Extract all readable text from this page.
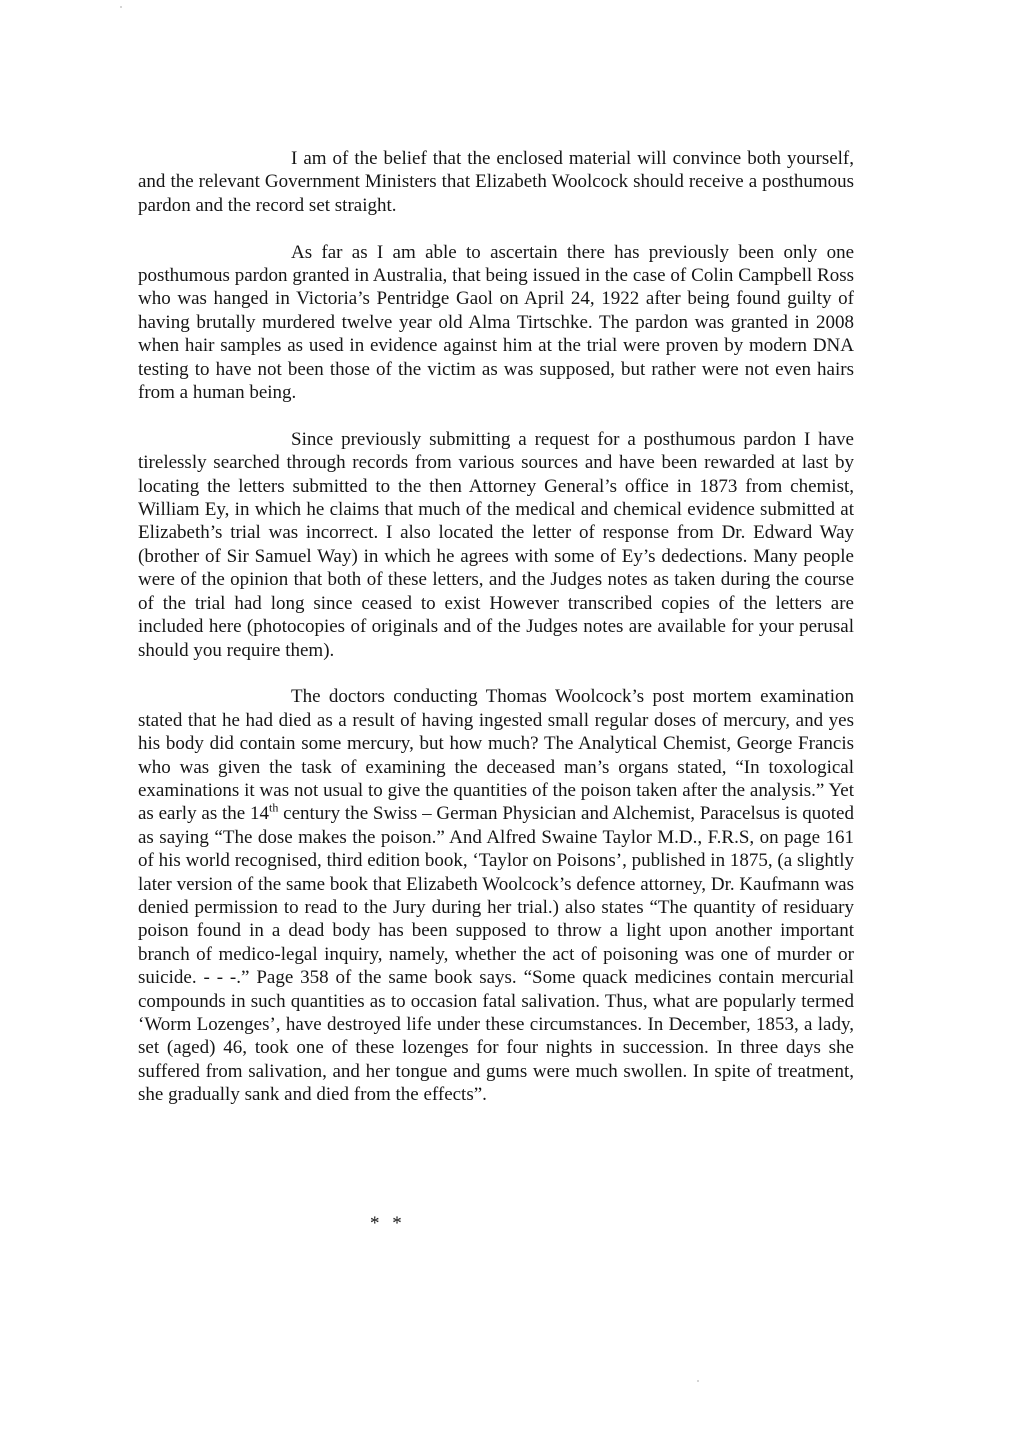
I am of the belief that the enclosed material will convince both yourself, and the relevant Government Ministers that Elizabeth Woolcock should receive a posthumous pardon and the record set straight.

As far as I am able to ascertain there has previously been only one posthumous pardon granted in Australia, that being issued in the case of Colin Campbell Ross who was hanged in Victoria’s Pentridge Gaol on April 24, 1922 after being found guilty of having brutally murdered twelve year old Alma Tirtschke. The pardon was granted in 2008 when hair samples as used in evidence against him at the trial were proven by modern DNA testing to have not been those of the victim as was supposed, but rather were not even hairs from a human being.

Since previously submitting a request for a posthumous pardon I have tirelessly searched through records from various sources and have been rewarded at last by locating the letters submitted to the then Attorney General’s office in 1873 from chemist, William Ey, in which he claims that much of the medical and chemical evidence submitted at Elizabeth’s trial was incorrect. I also located the letter of response from Dr. Edward Way (brother of Sir Samuel Way) in which he agrees with some of Ey’s dedections. Many people were of the opinion that both of these letters, and the Judges notes as taken during the course of the trial had long since ceased to exist However transcribed copies of the letters are included here (photocopies of originals and of the Judges notes are available for your perusal should you require them).

The doctors conducting Thomas Woolcock’s post mortem examination stated that he had died as a result of having ingested small regular doses of mercury, and yes his body did contain some mercury, but how much? The Analytical Chemist, George Francis who was given the task of examining the deceased man’s organs stated, “In toxological examinations it was not usual to give the quantities of the poison taken after the analysis.” Yet as early as the 14th century the Swiss – German Physician and Alchemist, Paracelsus is quoted as saying “The dose makes the poison.” And Alfred Swaine Taylor M.D., F.R.S, on page 161 of his world recognised, third edition book, ‘Taylor on Poisons’, published in 1875, (a slightly later version of the same book that Elizabeth Woolcock’s defence attorney, Dr. Kaufmann was denied permission to read to the Jury during her trial.) also states “The quantity of residuary poison found in a dead body has been supposed to throw a light upon another important branch of medico-legal inquiry, namely, whether the act of poisoning was one of murder or suicide. - - -.” Page 358 of the same book says. “Some quack medicines contain mercurial compounds in such quantities as to occasion fatal salivation. Thus, what are popularly termed ‘Worm Lozenges’, have destroyed life under these circumstances. In December, 1853, a lady, set (aged) 46, took one of these lozenges for four nights in succession. In three days she suffered from salivation, and her tongue and gums were much swollen. In spite of treatment, she gradually sank and died from the effects”.

* *
